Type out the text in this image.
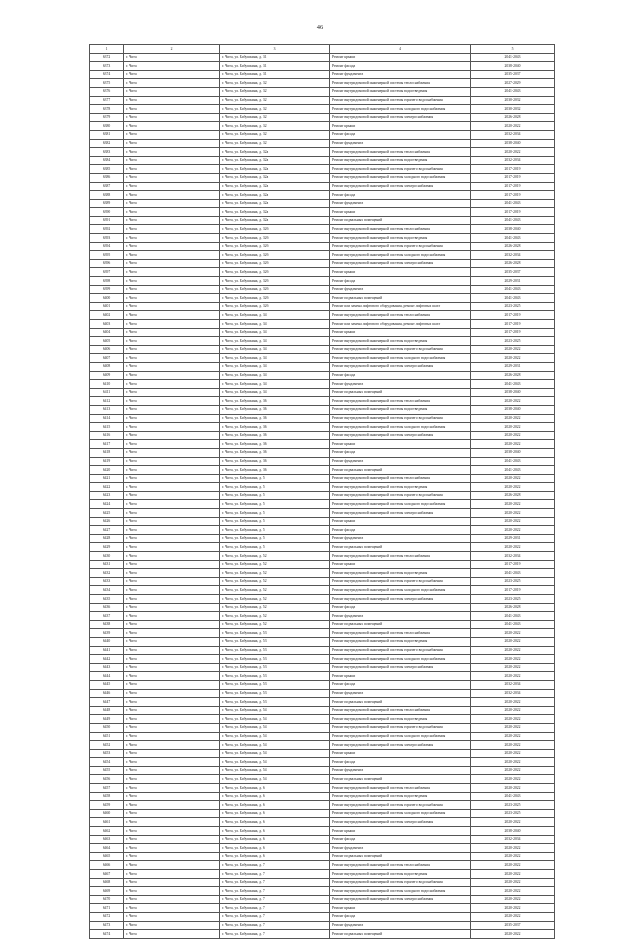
46
1	2	3	4	5
6372	г. Чита	г. Чита, ул. Бабушкина, д. 31	Ремонт крыши	2041-2043
6373	г. Чита	г. Чита, ул. Бабушкина, д. 31	Ремонт фасада	2038-2040
6374	г. Чита	г. Чита, ул. Бабушкина, д. 31	Ремонт фундамента	2035-2037
6375	г. Чита	г. Чита, ул. Бабушкина, д. 32	Ремонт внутридомовой инженерной системы теплоснабжения	2027-2029
6376	г. Чита	г. Чита, ул. Бабушкина, д. 32	Ремонт внутридомовой инженерной системы водоотведения	2041-2043
6377	г. Чита	г. Чита, ул. Бабушкина, д. 32	Ремонт внутридомовой инженерной системы горячего водоснабжения	2030-2032
6378	г. Чита	г. Чита, ул. Бабушкина, д. 32	Ремонт внутридомовой инженерной системы холодного водоснабжения	2030-2032
6379	г. Чита	г. Чита, ул. Бабушкина, д. 32	Ремонт внутридомовой инженерной системы электроснабжения	2026-2028
6380	г. Чита	г. Чита, ул. Бабушкина, д. 32	Ремонт крыши	2020-2022
6381	г. Чита	г. Чита, ул. Бабушкина, д. 32	Ремонт фасада	2032-2034
6382	г. Чита	г. Чита, ул. Бабушкина, д. 32	Ремонт фундамента	2038-2040
6383	г. Чита	г. Чита, ул. Бабушкина, д. 32а	Ремонт внутридомовой инженерной системы теплоснабжения	2020-2022
6384	г. Чита	г. Чита, ул. Бабушкина, д. 32а	Ремонт внутридомовой инженерной системы водоотведения	2032-2034
6385	г. Чита	г. Чита, ул. Бабушкина, д. 32а	Ремонт внутридомовой инженерной системы горячего водоснабжения	2017-2019
6386	г. Чита	г. Чита, ул. Бабушкина, д. 32а	Ремонт внутридомовой инженерной системы холодного водоснабжения	2017-2019
6387	г. Чита	г. Чита, ул. Бабушкина, д. 32а	Ремонт внутридомовой инженерной системы электроснабжения	2017-2019
6388	г. Чита	г. Чита, ул. Бабушкина, д. 32а	Ремонт фасада	2017-2019
6389	г. Чита	г. Чита, ул. Бабушкина, д. 32а	Ремонт фундамента	2041-2043
6390	г. Чита	г. Чита, ул. Бабушкина, д. 32а	Ремонт крыши	2017-2019
6391	г. Чита	г. Чита, ул. Бабушкина, д. 32а	Ремонт подвальных помещений	2041-2043
6392	г. Чита	г. Чита, ул. Бабушкина, д. 32б	Ремонт внутридомовой инженерной системы теплоснабжения	2038-2040
6393	г. Чита	г. Чита, ул. Бабушкина, д. 32б	Ремонт внутридомовой инженерной системы водоотведения	2041-2043
6394	г. Чита	г. Чита, ул. Бабушкина, д. 32б	Ремонт внутридомовой инженерной системы горячего водоснабжения	2026-2028
6395	г. Чита	г. Чита, ул. Бабушкина, д. 32б	Ремонт внутридомовой инженерной системы холодного водоснабжения	2032-2034
6396	г. Чита	г. Чита, ул. Бабушкина, д. 32б	Ремонт внутридомовой инженерной системы электроснабжения	2026-2028
6397	г. Чита	г. Чита, ул. Бабушкина, д. 32б	Ремонт крыши	2035-2037
6398	г. Чита	г. Чита, ул. Бабушкина, д. 32б	Ремонт фасада	2029-2031
6399	г. Чита	г. Чита, ул. Бабушкина, д. 32б	Ремонт фундамента	2041-2043
6400	г. Чита	г. Чита, ул. Бабушкина, д. 32б	Ремонт подвальных помещений	2041-2043
6401	г. Чита	г. Чита, ул. Бабушкина, д. 32б	Ремонт или замена лифтового оборудования, ремонт лифтовых шахт	2023-2025
6402	г. Чита	г. Чита, ул. Бабушкина, д. 34	Ремонт внутридомовой инженерной системы теплоснабжения	2017-2019
6403	г. Чита	г. Чита, ул. Бабушкина, д. 34	Ремонт или замена лифтового оборудования, ремонт лифтовых шахт	2017-2019
6404	г. Чита	г. Чита, ул. Бабушкина, д. 34	Ремонт крыши	2017-2019
6405	г. Чита	г. Чита, ул. Бабушкина, д. 34	Ремонт внутридомовой инженерной системы водоотведения	2023-2025
6406	г. Чита	г. Чита, ул. Бабушкина, д. 34	Ремонт внутридомовой инженерной системы горячего водоснабжения	2020-2022
6407	г. Чита	г. Чита, ул. Бабушкина, д. 34	Ремонт внутридомовой инженерной системы холодного водоснабжения	2020-2022
6408	г. Чита	г. Чита, ул. Бабушкина, д. 34	Ремонт внутридомовой инженерной системы электроснабжения	2029-2031
6409	г. Чита	г. Чита, ул. Бабушкина, д. 34	Ремонт фасада	2026-2028
6410	г. Чита	г. Чита, ул. Бабушкина, д. 34	Ремонт фундамента	2041-2043
6411	г. Чита	г. Чита, ул. Бабушкина, д. 34	Ремонт подвальных помещений	2038-2040
6412	г. Чита	г. Чита, ул. Бабушкина, д. 36	Ремонт внутридомовой инженерной системы теплоснабжения	2020-2022
6413	г. Чита	г. Чита, ул. Бабушкина, д. 36	Ремонт внутридомовой инженерной системы водоотведения	2038-2040
6414	г. Чита	г. Чита, ул. Бабушкина, д. 36	Ремонт внутридомовой инженерной системы горячего водоснабжения	2020-2022
6415	г. Чита	г. Чита, ул. Бабушкина, д. 36	Ремонт внутридомовой инженерной системы холодного водоснабжения	2020-2022
6416	г. Чита	г. Чита, ул. Бабушкина, д. 36	Ремонт внутридомовой инженерной системы электроснабжения	2020-2022
6417	г. Чита	г. Чита, ул. Бабушкина, д. 36	Ремонт крыши	2020-2022
6418	г. Чита	г. Чита, ул. Бабушкина, д. 36	Ремонт фасада	2038-2040
6419	г. Чита	г. Чита, ул. Бабушкина, д. 36	Ремонт фундамента	2041-2043
6420	г. Чита	г. Чита, ул. Бабушкина, д. 36	Ремонт подвальных помещений	2041-2043
6421	г. Чита	г. Чита, ул. Бабушкина, д. 5	Ремонт внутридомовой инженерной системы теплоснабжения	2020-2022
6422	г. Чита	г. Чита, ул. Бабушкина, д. 5	Ремонт внутридомовой инженерной системы водоотведения	2020-2022
6423	г. Чита	г. Чита, ул. Бабушкина, д. 5	Ремонт внутридомовой инженерной системы горячего водоснабжения	2026-2028
6424	г. Чита	г. Чита, ул. Бабушкина, д. 5	Ремонт внутридомовой инженерной системы холодного водоснабжения	2020-2022
6425	г. Чита	г. Чита, ул. Бабушкина, д. 5	Ремонт внутридомовой инженерной системы электроснабжения	2020-2022
6426	г. Чита	г. Чита, ул. Бабушкина, д. 5	Ремонт крыши	2020-2022
6427	г. Чита	г. Чита, ул. Бабушкина, д. 5	Ремонт фасада	2020-2022
6428	г. Чита	г. Чита, ул. Бабушкина, д. 5	Ремонт фундамента	2029-2031
6429	г. Чита	г. Чита, ул. Бабушкина, д. 5	Ремонт подвальных помещений	2020-2022
6430	г. Чита	г. Чита, ул. Бабушкина, д. 52	Ремонт внутридомовой инженерной системы теплоснабжения	2032-2034
6431	г. Чита	г. Чита, ул. Бабушкина, д. 52	Ремонт крыши	2017-2019
6432	г. Чита	г. Чита, ул. Бабушкина, д. 52	Ремонт внутридомовой инженерной системы водоотведения	2041-2043
6433	г. Чита	г. Чита, ул. Бабушкина, д. 52	Ремонт внутридомовой инженерной системы горячего водоснабжения	2023-2025
6434	г. Чита	г. Чита, ул. Бабушкина, д. 52	Ремонт внутридомовой инженерной системы холодного водоснабжения	2017-2019
6435	г. Чита	г. Чита, ул. Бабушкина, д. 52	Ремонт внутридомовой инженерной системы электроснабжения	2023-2025
6436	г. Чита	г. Чита, ул. Бабушкина, д. 52	Ремонт фасада	2026-2028
6437	г. Чита	г. Чита, ул. Бабушкина, д. 52	Ремонт фундамента	2041-2043
6438	г. Чита	г. Чита, ул. Бабушкина, д. 52	Ремонт подвальных помещений	2041-2043
6439	г. Чита	г. Чита, ул. Бабушкина, д. 53	Ремонт внутридомовой инженерной системы теплоснабжения	2020-2022
6440	г. Чита	г. Чита, ул. Бабушкина, д. 53	Ремонт внутридомовой инженерной системы водоотведения	2020-2022
6441	г. Чита	г. Чита, ул. Бабушкина, д. 53	Ремонт внутридомовой инженерной системы горячего водоснабжения	2020-2022
6442	г. Чита	г. Чита, ул. Бабушкина, д. 53	Ремонт внутридомовой инженерной системы холодного водоснабжения	2020-2022
6443	г. Чита	г. Чита, ул. Бабушкина, д. 53	Ремонт внутридомовой инженерной системы электроснабжения	2020-2022
6444	г. Чита	г. Чита, ул. Бабушкина, д. 53	Ремонт крыши	2020-2022
6445	г. Чита	г. Чита, ул. Бабушкина, д. 53	Ремонт фасада	2032-2034
6446	г. Чита	г. Чита, ул. Бабушкина, д. 53	Ремонт фундамента	2032-2034
6447	г. Чита	г. Чита, ул. Бабушкина, д. 53	Ремонт подвальных помещений	2020-2022
6448	г. Чита	г. Чита, ул. Бабушкина, д. 54	Ремонт внутридомовой инженерной системы теплоснабжения	2020-2022
6449	г. Чита	г. Чита, ул. Бабушкина, д. 54	Ремонт внутридомовой инженерной системы водоотведения	2020-2022
6450	г. Чита	г. Чита, ул. Бабушкина, д. 54	Ремонт внутридомовой инженерной системы горячего водоснабжения	2020-2022
6451	г. Чита	г. Чита, ул. Бабушкина, д. 54	Ремонт внутридомовой инженерной системы холодного водоснабжения	2020-2022
6452	г. Чита	г. Чита, ул. Бабушкина, д. 54	Ремонт внутридомовой инженерной системы электроснабжения	2020-2022
6453	г. Чита	г. Чита, ул. Бабушкина, д. 54	Ремонт крыши	2020-2022
6454	г. Чита	г. Чита, ул. Бабушкина, д. 54	Ремонт фасада	2020-2022
6455	г. Чита	г. Чита, ул. Бабушкина, д. 54	Ремонт фундамента	2020-2022
6456	г. Чита	г. Чита, ул. Бабушкина, д. 54	Ремонт подвальных помещений	2020-2022
6457	г. Чита	г. Чита, ул. Бабушкина, д. 6	Ремонт внутридомовой инженерной системы теплоснабжения	2020-2022
6458	г. Чита	г. Чита, ул. Бабушкина, д. 6	Ремонт внутридомовой инженерной системы водоотведения	2041-2043
6459	г. Чита	г. Чита, ул. Бабушкина, д. 6	Ремонт внутридомовой инженерной системы горячего водоснабжения	2023-2025
6460	г. Чита	г. Чита, ул. Бабушкина, д. 6	Ремонт внутридомовой инженерной системы холодного водоснабжения	2023-2025
6461	г. Чита	г. Чита, ул. Бабушкина, д. 6	Ремонт внутридомовой инженерной системы электроснабжения	2020-2022
6462	г. Чита	г. Чита, ул. Бабушкина, д. 6	Ремонт крыши	2038-2040
6463	г. Чита	г. Чита, ул. Бабушкина, д. 6	Ремонт фасада	2032-2034
6464	г. Чита	г. Чита, ул. Бабушкина, д. 6	Ремонт фундамента	2020-2022
6465	г. Чита	г. Чита, ул. Бабушкина, д. 6	Ремонт подвальных помещений	2020-2022
6466	г. Чита	г. Чита, ул. Бабушкина, д. 7	Ремонт внутридомовой инженерной системы теплоснабжения	2020-2022
6467	г. Чита	г. Чита, ул. Бабушкина, д. 7	Ремонт внутридомовой инженерной системы водоотведения	2020-2022
6468	г. Чита	г. Чита, ул. Бабушкина, д. 7	Ремонт внутридомовой инженерной системы горячего водоснабжения	2020-2022
6469	г. Чита	г. Чита, ул. Бабушкина, д. 7	Ремонт внутридомовой инженерной системы холодного водоснабжения	2020-2022
6470	г. Чита	г. Чита, ул. Бабушкина, д. 7	Ремонт внутридомовой инженерной системы электроснабжения	2020-2022
6471	г. Чита	г. Чита, ул. Бабушкина, д. 7	Ремонт крыши	2020-2022
6472	г. Чита	г. Чита, ул. Бабушкина, д. 7	Ремонт фасада	2020-2022
6473	г. Чита	г. Чита, ул. Бабушкина, д. 7	Ремонт фундамента	2035-2037
6474	г. Чита	г. Чита, ул. Бабушкина, д. 7	Ремонт подвальных помещений	2020-2022
